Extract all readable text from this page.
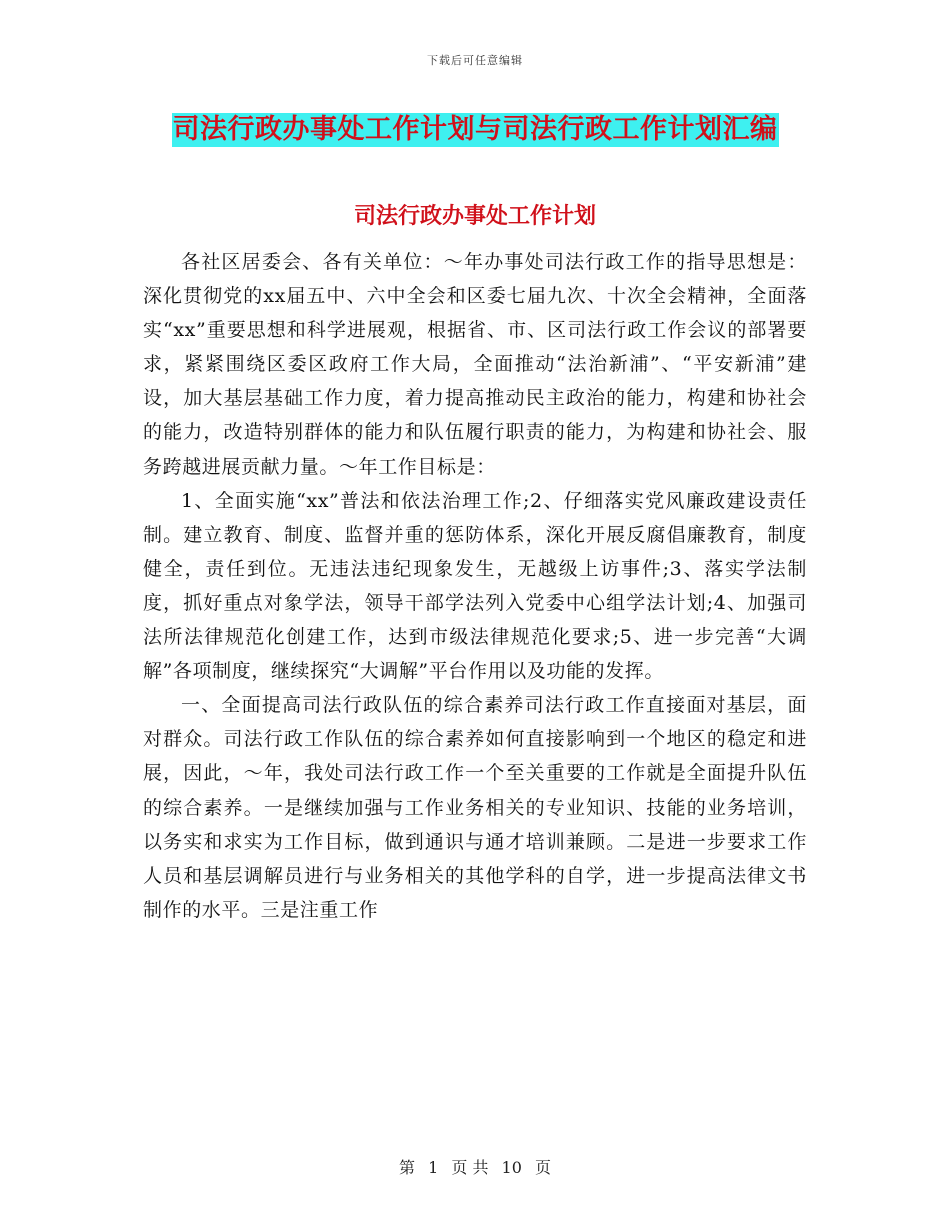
下载后可任意编辑
司法行政办事处工作计划与司法行政工作计划汇编
司法行政办事处工作计划

各社区居委会、各有关单位：～年办事处司法行政工作的指导思想是：深化贯彻党的xx届五中、六中全会和区委七届九次、十次全会精神，全面落实“xx”重要思想和科学进展观，根据省、市、区司法行政工作会议的部署要求，紧紧围绕区委区政府工作大局，全面推动“法治新浦”、“平安新浦”建设，加大基层基础工作力度，着力提高推动民主政治的能力，构建和协社会的能力，改造特别群体的能力和队伍履行职责的能力，为构建和协社会、服务跨越进展贡献力量。～年工作目标是：

1、全面实施“xx”普法和依法治理工作;2、仔细落实党风廉政建设责任制。建立教育、制度、监督并重的惩防体系，深化开展反腐倡廉教育，制度健全，责任到位。无违法违纪现象发生，无越级上访事件;3、落实学法制度，抓好重点对象学法，领导干部学法列入党委中心组学法计划;4、加强司法所法律规范化创建工作，达到市级法律规范化要求;5、进一步完善“大调解”各项制度，继续探究“大调解”平台作用以及功能的发挥。

一、全面提高司法行政队伍的综合素养司法行政工作直接面对基层，面对群众。司法行政工作队伍的综合素养如何直接影响到一个地区的稳定和进展，因此，～年，我处司法行政工作一个至关重要的工作就是全面提升队伍的综合素养。一是继续加强与工作业务相关的专业知识、技能的业务培训，以务实和求实为工作目标，做到通识与通才培训兼顾。二是进一步要求工作人员和基层调解员进行与业务相关的其他学科的自学，进一步提高法律文书制作的水平。三是注重工作

第 1 页 共 10 页
